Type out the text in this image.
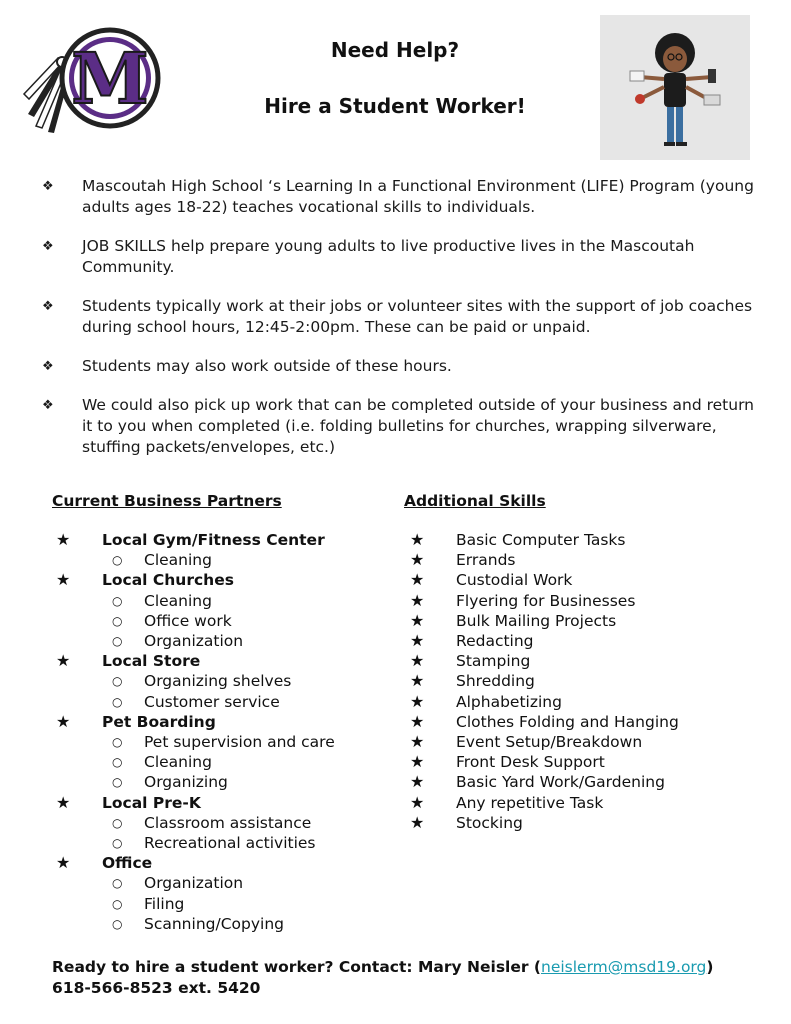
M	Need Help?

Hire a Student Worker!

❖	Mascoutah High School ‘s Learning In a Functional Environment (LIFE) Program (young adults ages 18-22) teaches vocational skills to individuals.
❖	JOB SKILLS help prepare young adults to live productive lives in the Mascoutah Community.
❖	Students typically work at their jobs or volunteer sites with the support of job coaches during school hours, 12:45-2:00pm. These can be paid or unpaid.
❖	Students may also work outside of these hours.
❖	We could also pick up work that can be completed outside of your business and return it to you when completed (i.e. folding bulletins for churches, wrapping silverware, stuffing packets/envelopes, etc.)
Current Business Partners
★	Local Gym/Fitness Center
○	Cleaning
★	Local Churches
○	Cleaning
○	Office work
○	Organization
★	Local Store
○	Organizing shelves
○	Customer service
★	Pet Boarding
○	Pet supervision and care
○	Cleaning
○	Organizing
★	Local Pre-K
○	Classroom assistance
○	Recreational activities
★	Office
○	Organization
○	Filing
○	Scanning/Copying
Additional Skills
★	Basic Computer Tasks
★	Errands
★	Custodial Work
★	Flyering for Businesses
★	Bulk Mailing Projects
★	Redacting
★	Stamping
★	Shredding
★	Alphabetizing
★	Clothes Folding and Hanging
★	Event Setup/Breakdown
★	Front Desk Support
★	Basic Yard Work/Gardening
★	Any repetitive Task
★	Stocking
Ready to hire a student worker? Contact: Mary Neisler (neislerm@msd19.org)
618-566-8523 ext. 5420
